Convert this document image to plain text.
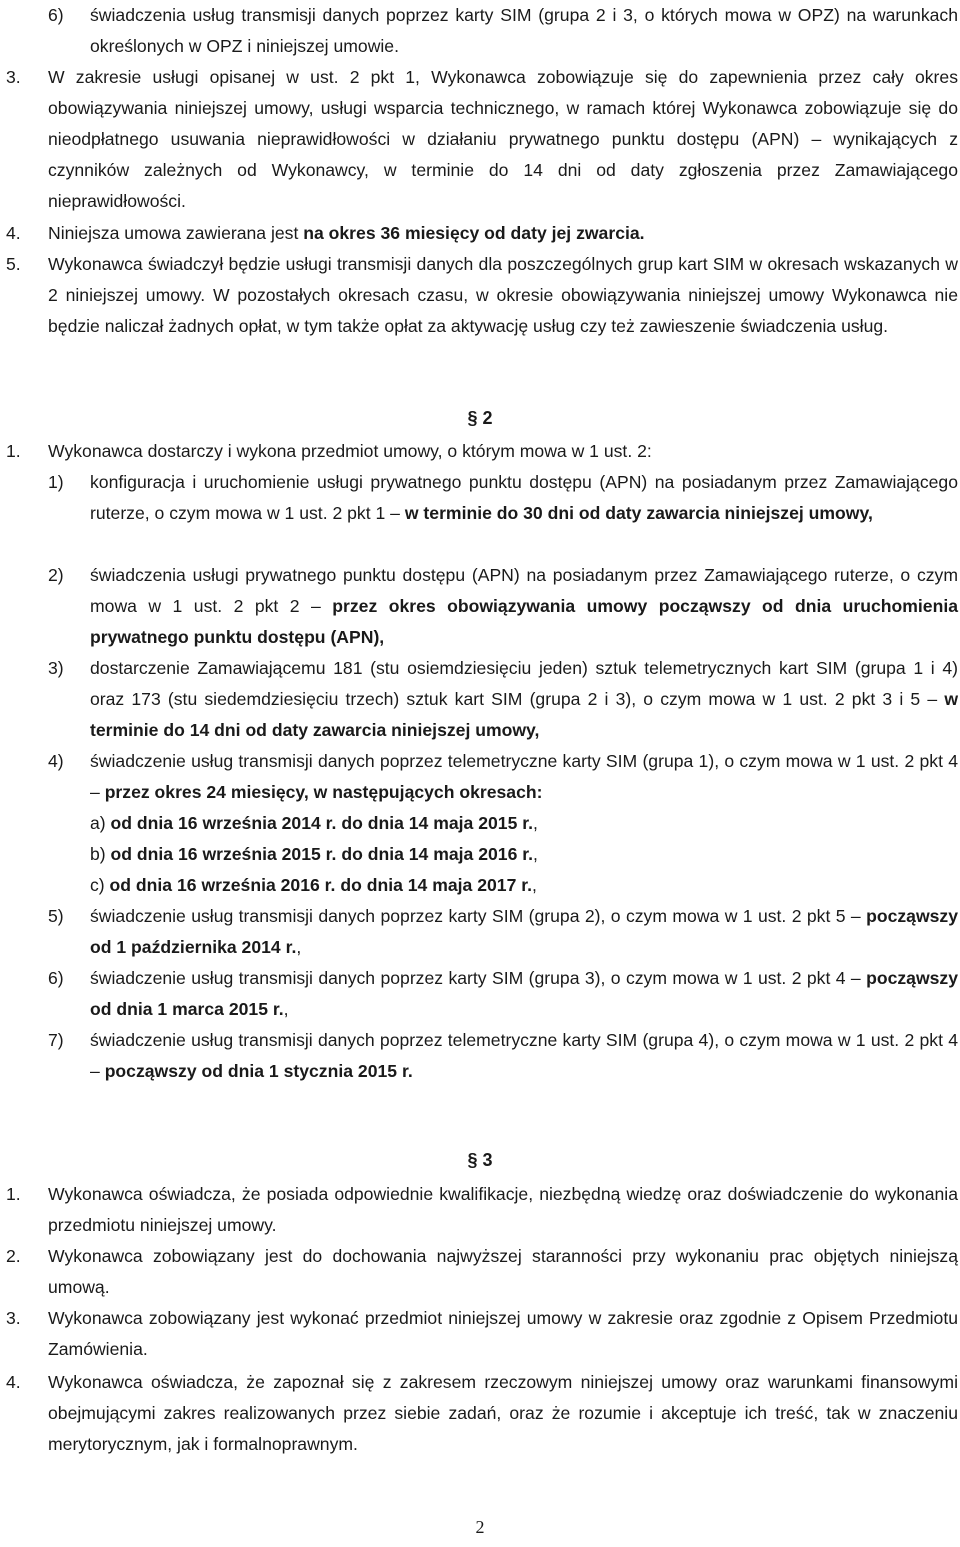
6) świadczenia usług transmisji danych poprzez karty SIM (grupa 2 i 3, o których mowa w OPZ) na warunkach określonych w OPZ i niniejszej umowie.
3. W zakresie usługi opisanej w ust. 2 pkt 1, Wykonawca zobowiązuje się do zapewnienia przez cały okres obowiązywania niniejszej umowy, usługi wsparcia technicznego, w ramach której Wykonawca zobowiązuje się do nieodpłatnego usuwania nieprawidłowości w działaniu prywatnego punktu dostępu (APN) – wynikających z czynników zależnych od Wykonawcy, w terminie do 14 dni od daty zgłoszenia przez Zamawiającego nieprawidłowości.
4. Niniejsza umowa zawierana jest na okres 36 miesięcy od daty jej zwarcia.
5. Wykonawca świadczył będzie usługi transmisji danych dla poszczególnych grup kart SIM w okresach wskazanych w 2 niniejszej umowy. W pozostałych okresach czasu, w okresie obowiązywania niniejszej umowy Wykonawca nie będzie naliczał żadnych opłat, w tym także opłat za aktywację usług czy też zawieszenie świadczenia usług.
§ 2
1. Wykonawca dostarczy i wykona przedmiot umowy, o którym mowa w 1 ust. 2:
1) konfiguracja i uruchomienie usługi prywatnego punktu dostępu (APN) na posiadanym przez Zamawiającego ruterze, o czym mowa w 1 ust. 2 pkt 1 – w terminie do 30 dni od daty zawarcia niniejszej umowy,
2) świadczenia usługi prywatnego punktu dostępu (APN) na posiadanym przez Zamawiającego ruterze, o czym mowa w 1 ust. 2 pkt 2 – przez okres obowiązywania umowy począwszy od dnia uruchomienia prywatnego punktu dostępu (APN),
3) dostarczenie Zamawiającemu 181 (stu osiemdziesięciu jeden) sztuk telemetrycznych kart SIM (grupa 1 i 4) oraz 173 (stu siedemdziesięciu trzech) sztuk kart SIM (grupa 2 i 3), o czym mowa w 1 ust. 2 pkt 3 i 5 – w terminie do 14 dni od daty zawarcia niniejszej umowy,
4) świadczenie usług transmisji danych poprzez telemetryczne karty SIM (grupa 1), o czym mowa w 1 ust. 2 pkt 4 – przez okres 24 miesięcy, w następujących okresach:
a) od dnia 16 września 2014 r. do dnia 14 maja 2015 r.,
b) od dnia 16 września 2015 r. do dnia 14 maja 2016 r.,
c) od dnia 16 września 2016 r. do dnia 14 maja 2017 r.,
5) świadczenie usług transmisji danych poprzez karty SIM (grupa 2), o czym mowa w 1 ust. 2 pkt 5 – począwszy od 1 października 2014 r.,
6) świadczenie usług transmisji danych poprzez karty SIM (grupa 3), o czym mowa w 1 ust. 2 pkt 4 – począwszy od dnia 1 marca 2015 r.,
7) świadczenie usług transmisji danych poprzez telemetryczne karty SIM (grupa 4), o czym mowa w 1 ust. 2 pkt 4 – począwszy od dnia 1 stycznia 2015 r.
§ 3
1. Wykonawca oświadcza, że posiada odpowiednie kwalifikacje, niezbędną wiedzę oraz doświadczenie do wykonania przedmiotu niniejszej umowy.
2. Wykonawca zobowiązany jest do dochowania najwyższej staranności przy wykonaniu prac objętych niniejszą umową.
3. Wykonawca zobowiązany jest wykonać przedmiot niniejszej umowy w zakresie oraz zgodnie z Opisem Przedmiotu Zamówienia.
4. Wykonawca oświadcza, że zapoznał się z zakresem rzeczowym niniejszej umowy oraz warunkami finansowymi obejmującymi zakres realizowanych przez siebie zadań, oraz że rozumie i akceptuje ich treść, tak w znaczeniu merytorycznym, jak i formalnoprawnym.
2
